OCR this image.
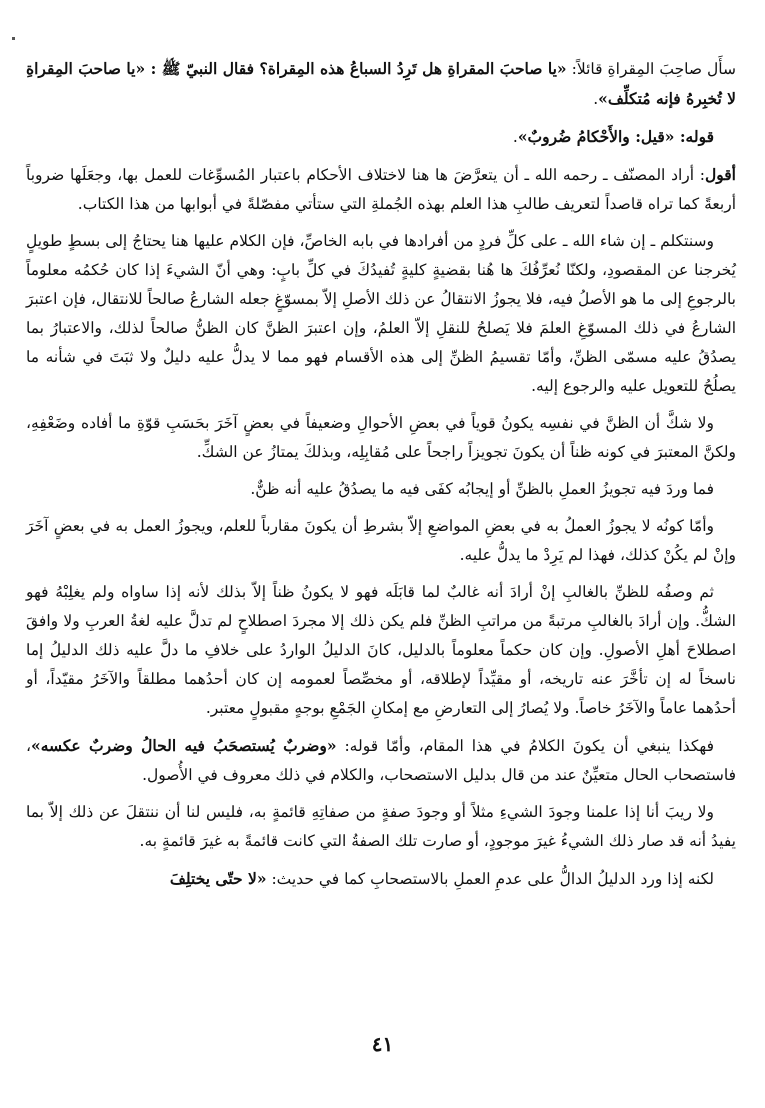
سأَل صاحِبَ المِقراةِ قائلاً: «يا صاحبَ المقراةِ هل تَرِدُ السباعُ هذه المِقراة؟ فقال النبيّ ﷺ : «يا صاحبَ المِقراةِ لا تُخبِرهُ فإنه مُتكلِّف».

قوله: «قيل: والأَحْكامُ ضُروبٌ».

أقول: أراد المصنّف ـ رحمه الله ـ أن يتعرَّضَ ها هنا لاختلاف الأحكام باعتبار المُسوِّغات للعمل بها، وجعَلَها ضروباً أربعةً كما تراه قاصداً لتعريف طالبِ هذا العلم بهذه الجُملةِ التي ستأتي مفصّلةً في أبوابها من هذا الكتاب.

وسنتكلم ـ إن شاء الله ـ على كلِّ فردٍ من أفرادها في بابه الخاصِّ، فإن الكلام عليها هنا يحتاجُ إلى بسطٍ طويلٍ يُخرجنا عن المقصودِ، ولكنّا نُعرِّفُكَ ها هُنا بقضيةٍ كليةٍ تُفيدُكَ في كلِّ بابٍ: وهي أنّ الشيءَ إذا كان حُكمُه معلوماً بالرجوعِ إلى ما هو الأصلُ فيه، فلا يجوزُ الانتقالُ عن ذلك الأصلِ إلاّ بمسوّغٍ جعله الشارعُ صالحاً للانتقال، فإن اعتبرَ الشارعُ في ذلك المسوّغِ العلمَ فلا يَصلحُ للنقلِ إلاّ العلمُ، وإن اعتبرَ الظنَّ كان الظنُّ صالحاً لذلك، والاعتبارُ بما يصدُقُ عليه مسمّى الظنِّ، وأمّا تقسيمُ الظنِّ إلى هذه الأقسام فهو مما لا يدلُّ عليه دليلٌ ولا ثبَتَ في شأنه ما يصلُحُ للتعويل عليه والرجوع إليه.

ولا شكَّ أن الظنَّ في نفسِه يكونُ قوياً في بعضِ الأحوالِ وضعيفاً في بعضٍ آخَرَ بحَسَبِ قوّةِ ما أفاده وضَعْفِهِ، ولكنَّ المعتبرَ في كونه ظناً أن يكونَ تجويزاً راجحاً على مُقابِلِه، وبذلكَ يمتازُ عن الشكِّ.

فما وردَ فيه تجويزُ العملِ بالظنِّ أو إيجابُه كفَى فيه ما يصدُقُ عليه أنه ظنٌّ.

وأمّا كونُه لا يجوزُ العملُ به في بعضِ المواضعِ إلاّ بشرطِ أن يكونَ مقارباً للعلم، ويجوزُ العمل به في بعضٍ آخَرَ وإنْ لم يكُنْ كذلك، فهذا لم يَرِدْ ما يدلُّ عليه.

ثم وصفُه للظنِّ بالغالبِ إنْ أرادَ أنه غالبٌ لما قابَلَه فهو لا يكونُ ظناً إلاّ بذلك لأنه إذا ساواه ولم يغلِبْهُ فهو الشكُّ. وإن أرادَ بالغالبِ مرتبةً من مراتبِ الظنِّ فلم يكن ذلك إلا مجردَ اصطلاحٍ لم تدلَّ عليه لغةُ العربِ ولا وافقَ اصطلاحَ أهلِ الأصولِ. وإن كان حكماً معلوماً بالدليل، كانَ الدليلُ الواردُ على خلافِ ما دلَّ عليه ذلك الدليلُ إما ناسخاً له إن تأخَّرَ عنه تاريخه، أو مقيِّداً لإطلاقه، أو مخصِّصاً لعمومه إن كان أحدُهما مطلقاً والآخَرُ مقيّداً، أو أحدُهما عاماً والآخَرُ خاصاً. ولا يُصارُ إلى التعارضِ مع إمكانِ الجَمْعِ بوجهٍ مقبولٍ معتبر.

فهكذا ينبغي أن يكونَ الكلامُ في هذا المقام، وأمّا قوله: «وضربٌ يُستصحَبُ فيه الحالُ وضربٌ عكسه»، فاستصحاب الحال متعيِّنٌ عند من قال بدليل الاستصحاب، والكلام في ذلك معروف في الأُصول.

ولا ريبَ أنا إذا علمنا وجودَ الشيءِ مثلاً أو وجودَ صفةٍ من صفاتِهِ قائمةٍ به، فليس لنا أن ننتقلَ عن ذلك إلاّ بما يفيدُ أنه قد صار ذلك الشيءُ غيرَ موجودٍ، أو صارت تلك الصفةُ التي كانت قائمةً به غيرَ قائمةٍ به.

لكنه إذا ورد الدليلُ الدالُّ على عدمِ العملِ بالاستصحابِ كما في حديث: «لا حتّى يختلِفَ

٤١
